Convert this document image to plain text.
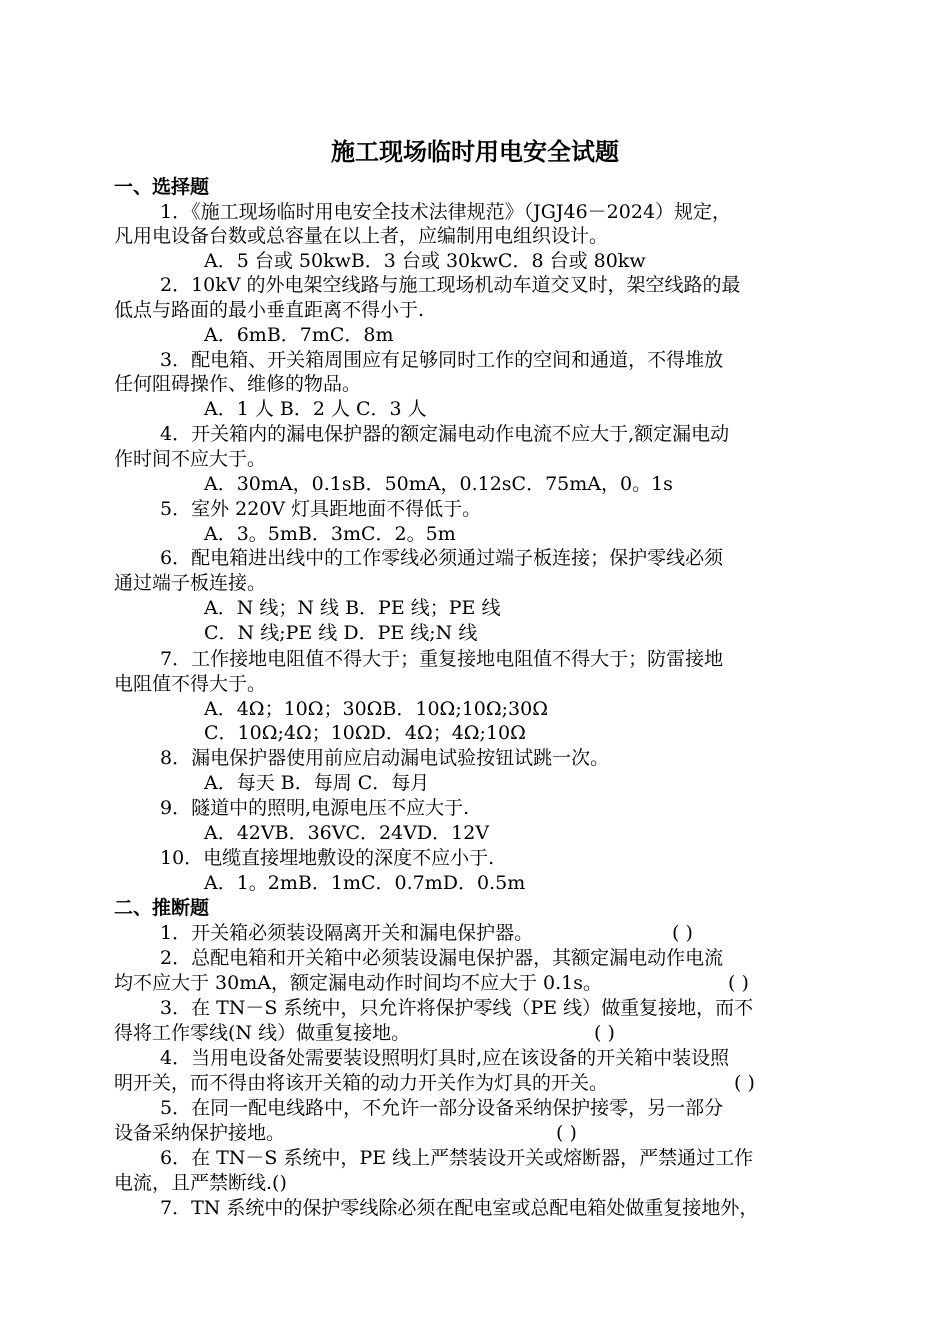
施工现场临时用电安全试题
一、选择题
1．《施工现场临时用电安全技术法律规范》（JGJ46－2024）规定，
凡用电设备台数或总容量在以上者，应编制用电组织设计。
A．5 台或 50kwB．3 台或 30kwC．8 台或 80kw
2．10kV 的外电架空线路与施工现场机动车道交叉时，架空线路的最
低点与路面的最小垂直距离不得小于.
A．6mB．7mC．8m
3．配电箱、开关箱周围应有足够同时工作的空间和通道，不得堆放
任何阻碍操作、维修的物品。
A．1 人 B．2 人 C．3 人
4．开关箱内的漏电保护器的额定漏电动作电流不应大于,额定漏电动
作时间不应大于。
A．30mA，0.1sB．50mA，0.12sC．75mA，0。1s
5．室外 220V 灯具距地面不得低于。
A．3。5mB．3mC．2。5m
6．配电箱进出线中的工作零线必须通过端子板连接；保护零线必须
通过端子板连接。
A．N 线；N 线 B．PE 线；PE 线
C．N 线;PE 线 D．PE 线;N 线
7．工作接地电阻值不得大于；重复接地电阻值不得大于；防雷接地
电阻值不得大于。
A．4Ω；10Ω；30ΩB．10Ω;10Ω;30Ω
C．10Ω;4Ω；10ΩD．4Ω；4Ω;10Ω
8．漏电保护器使用前应启动漏电试验按钮试跳一次。
A．每天 B．每周 C．每月
9．隧道中的照明,电源电压不应大于.
A．42VB．36VC．24VD．12V
10．电缆直接埋地敷设的深度不应小于.
A．1。2mB．1mC．0.7mD．0.5m
二、推断题
1．开关箱必须装设隔离开关和漏电保护器。	( )
2．总配电箱和开关箱中必须装设漏电保护器，其额定漏电动作电流
均不应大于 30mA，额定漏电动作时间均不应大于 0.1s。	( )
3．在 TN－S 系统中，只允许将保护零线（PE 线）做重复接地，而不
得将工作零线(N 线）做重复接地。	( )
4．当用电设备处需要装设照明灯具时,应在该设备的开关箱中装设照
明开关，而不得由将该开关箱的动力开关作为灯具的开关。	( )
5．在同一配电线路中，不允许一部分设备采纳保护接零，另一部分
设备采纳保护接地。	( )
6．在 TN－S 系统中，PE 线上严禁装设开关或熔断器，严禁通过工作
电流，且严禁断线.()
7．TN 系统中的保护零线除必须在配电室或总配电箱处做重复接地外，
